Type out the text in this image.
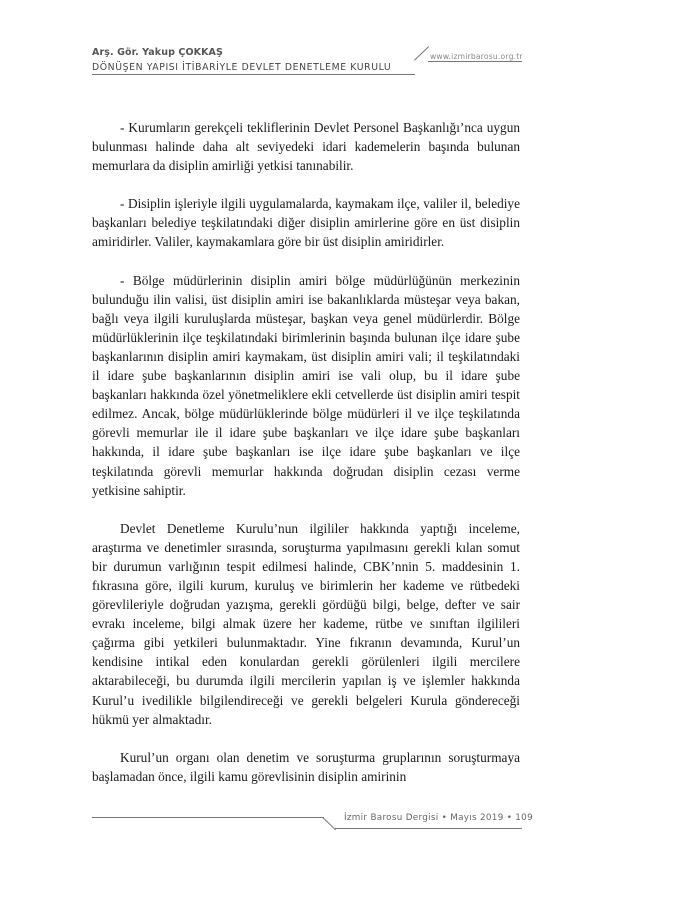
Arş. Gör. Yakup ÇOKKAŞ
DÖNÜŞEN YAPISI İTİBARİYLE DEVLET DENETLEME KURULU
www.izmirbarosu.org.tr

- Kurumların gerekçeli tekliflerinin Devlet Personel Başkanlığı’nca uygun bulunması halinde daha alt seviyedeki idari kademelerin başında bulunan memurlara da disiplin amirliği yetkisi tanınabilir.

- Disiplin işleriyle ilgili uygulamalarda, kaymakam ilçe, valiler il, belediye başkanları belediye teşkilatındaki diğer disiplin amirlerine göre en üst disiplin amiridirler. Valiler, kaymakamlara göre bir üst disiplin amiridirler.

- Bölge müdürlerinin disiplin amiri bölge müdürlüğünün merkezinin bulunduğu ilin valisi, üst disiplin amiri ise bakanlıklarda müsteşar veya bakan, bağlı veya ilgili kuruluşlarda müsteşar, başkan veya genel müdürlerdir. Bölge müdürlüklerinin ilçe teşkilatındaki birimlerinin başında bulunan ilçe idare şube başkanlarının disiplin amiri kaymakam, üst disiplin amiri vali; il teşkilatındaki il idare şube başkanlarının disiplin amiri ise vali olup, bu il idare şube başkanları hakkında özel yönetmeliklere ekli cetvellerde üst disiplin amiri tespit edilmez. Ancak, bölge müdürlüklerinde bölge müdürleri il ve ilçe teşkilatında görevli memurlar ile il idare şube başkanları ve ilçe idare şube başkanları hakkında, il idare şube başkanları ise ilçe idare şube başkanları ve ilçe teşkilatında görevli memurlar hakkında doğrudan disiplin cezası verme yetkisine sahiptir.

Devlet Denetleme Kurulu’nun ilgililer hakkında yaptığı inceleme, araştırma ve denetimler sırasında, soruşturma yapılmasını gerekli kılan somut bir durumun varlığının tespit edilmesi halinde, CBK’nnin 5. maddesinin 1. fıkrasına göre, ilgili kurum, kuruluş ve birimlerin her kademe ve rütbedeki görevlileriyle doğrudan yazışma, gerekli gördüğü bilgi, belge, defter ve sair evrakı inceleme, bilgi almak üzere her kademe, rütbe ve sınıftan ilgilileri çağırma gibi yetkileri bulunmaktadır. Yine fıkranın devamında, Kurul’un kendisine intikal eden konulardan gerekli görülenleri ilgili mercilere aktarabileceği, bu durumda ilgili mercilerin yapılan iş ve işlemler hakkında Kurul’u ivedilikle bilgilendireceği ve gerekli belgeleri Kurula göndereceği hükmü yer almaktadır.

Kurul’un organı olan denetim ve soruşturma gruplarının soruşturmaya başlamadan önce, ilgili kamu görevlisinin disiplin amirinin

İzmir Barosu Dergisi • Mayıs 2019 • 109
